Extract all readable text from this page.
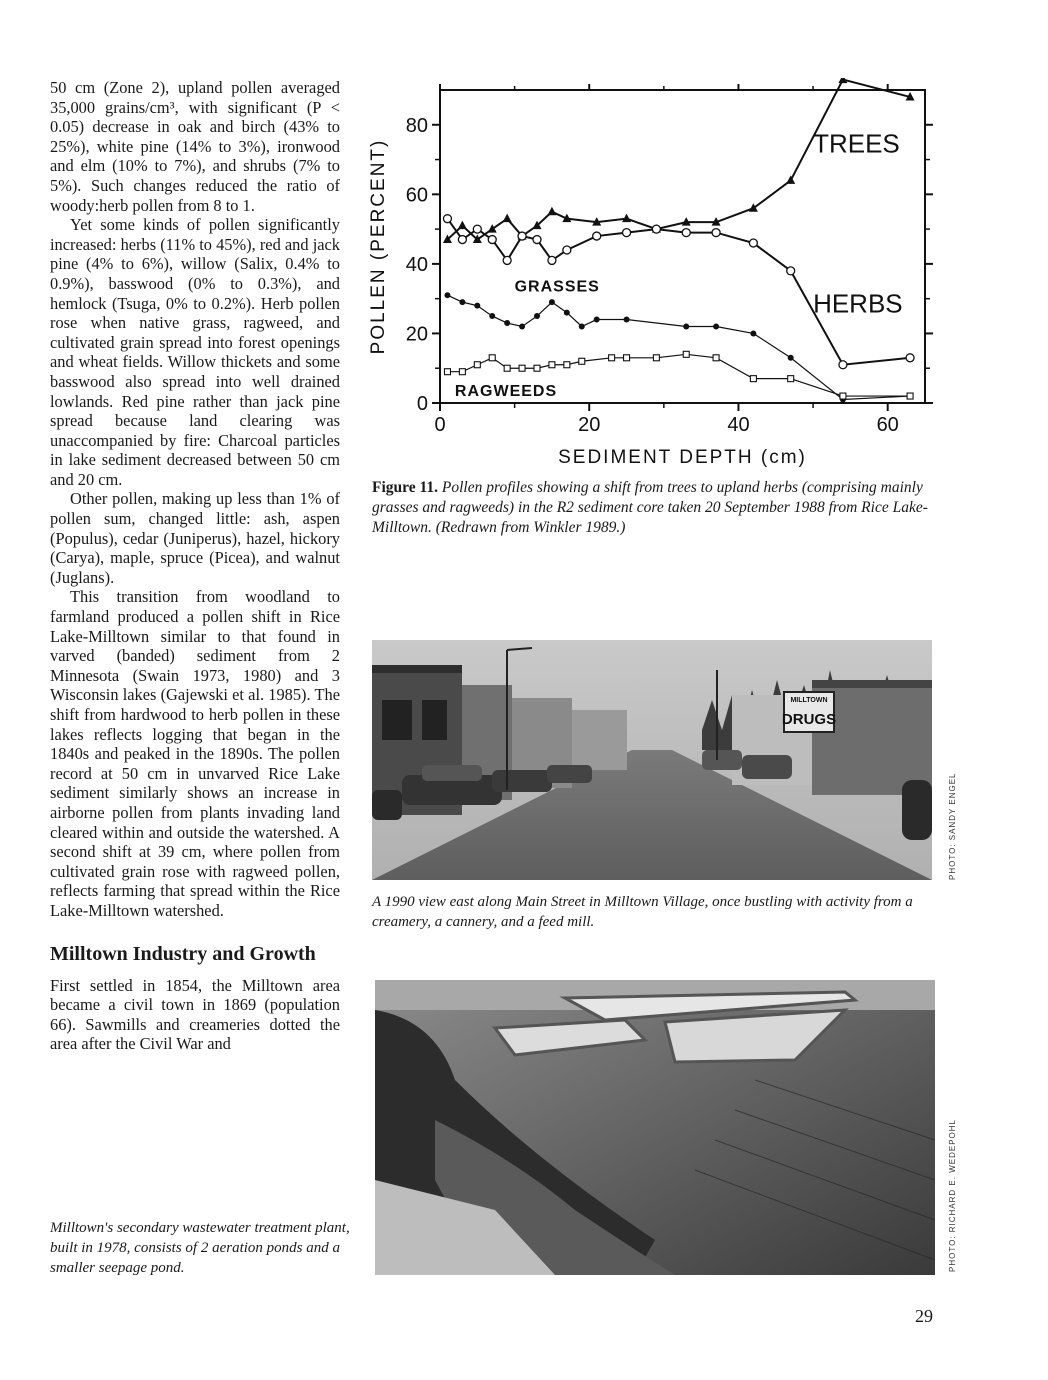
50 cm (Zone 2), upland pollen averaged 35,000 grains/cm³, with significant (P < 0.05) decrease in oak and birch (43% to 25%), white pine (14% to 3%), ironwood and elm (10% to 7%), and shrubs (7% to 5%). Such changes reduced the ratio of woody:herb pollen from 8 to 1.

Yet some kinds of pollen significantly increased: herbs (11% to 45%), red and jack pine (4% to 6%), willow (Salix, 0.4% to 0.9%), basswood (0% to 0.3%), and hemlock (Tsuga, 0% to 0.2%). Herb pollen rose when native grass, ragweed, and cultivated grain spread into forest openings and wheat fields. Willow thickets and some basswood also spread into well drained lowlands. Red pine rather than jack pine spread because land clearing was unaccompanied by fire: Charcoal particles in lake sediment decreased between 50 cm and 20 cm.

Other pollen, making up less than 1% of pollen sum, changed little: ash, aspen (Populus), cedar (Juniperus), hazel, hickory (Carya), maple, spruce (Picea), and walnut (Juglans).

This transition from woodland to farmland produced a pollen shift in Rice Lake-Milltown similar to that found in varved (banded) sediment from 2 Minnesota (Swain 1973, 1980) and 3 Wisconsin lakes (Gajewski et al. 1985). The shift from hardwood to herb pollen in these lakes reflects logging that began in the 1840s and peaked in the 1890s. The pollen record at 50 cm in unvarved Rice Lake sediment similarly shows an increase in airborne pollen from plants invading land cleared within and outside the watershed. A second shift at 39 cm, where pollen from cultivated grain rose with ragweed pollen, reflects farming that spread within the Rice Lake-Milltown watershed.

Milltown Industry and Growth

First settled in 1854, the Milltown area became a civil town in 1869 (population 66). Sawmills and creameries dotted the area after the Civil War and

Milltown's secondary wastewater treatment plant, built in 1978, consists of 2 aeration ponds and a smaller seepage pond.
0
20
40
60
80
0	20	40	60
POLLEN (PERCENT)
SEDIMENT DEPTH (cm)
TREES
HERBS
GRASSES
RAGWEEDS
Figure 11. Pollen profiles showing a shift from trees to upland herbs (comprising mainly grasses and ragweeds) in the R2 sediment core taken 20 September 1988 from Rice Lake-Milltown. (Redrawn from Winkler 1989.)
MILLTOWN
DRUGS
PHOTO: SANDY ENGEL
A 1990 view east along Main Street in Milltown Village, once bustling with activity from a creamery, a cannery, and a feed mill.
PHOTO: RICHARD E. WEDEPOHL
29
